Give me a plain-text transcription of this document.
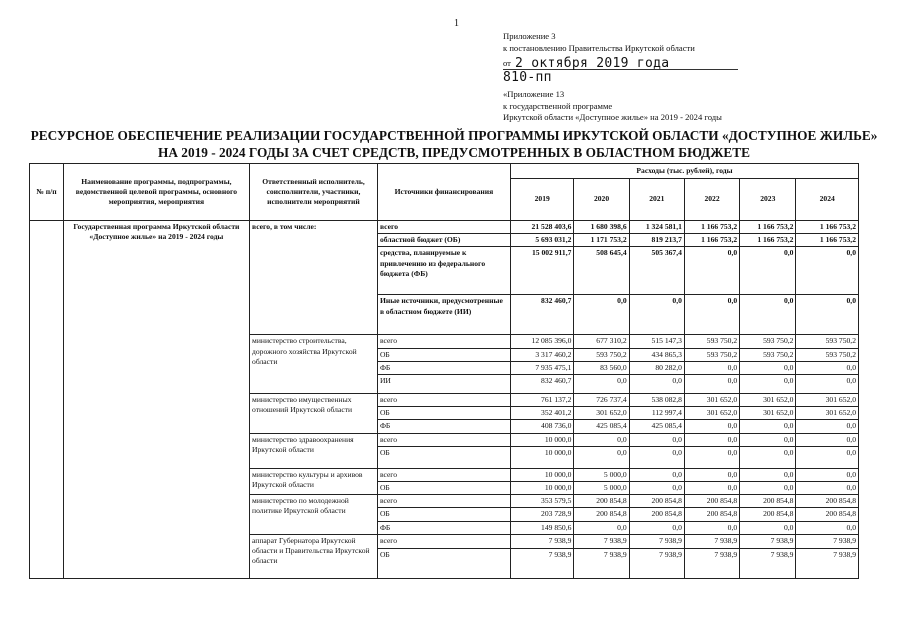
1
Приложение 3
к постановлению Правительства Иркутской области
от 2 октября 2019 года
810-пп
«Приложение 13
к государственной программе
Иркутской области «Доступное жилье» на 2019 - 2024 годы
РЕСУРСНОЕ ОБЕСПЕЧЕНИЕ РЕАЛИЗАЦИИ ГОСУДАРСТВЕННОЙ ПРОГРАММЫ ИРКУТСКОЙ ОБЛАСТИ «ДОСТУПНОЕ ЖИЛЬЕ» НА 2019 - 2024 ГОДЫ ЗА СЧЕТ СРЕДСТВ, ПРЕДУСМОТРЕННЫХ В ОБЛАСТНОМ БЮДЖЕТЕ
№ п/п	Наименование программы, подпрограммы, ведомственной целевой программы, основного мероприятия, мероприятия	Ответственный исполнитель, соисполнители, участники, исполнители мероприятий	Источники финансирования	Расходы (тыс. рублей), годы					
				2019	2020	2021	2022	2023	2024
	Государственная программа Иркутской области «Доступное жилье» на 2019 - 2024 годы	всего, в том числе:	всего	21 528 403,6	1 680 398,6	1 324 581,1	1 166 753,2	1 166 753,2	1 166 753,2
			областной бюджет (ОБ)	5 693 031,2	1 171 753,2	819 213,7	1 166 753,2	1 166 753,2	1 166 753,2
			средства, планируемые к привлечению из федерального бюджета (ФБ)	15 002 911,7	508 645,4	505 367,4	0,0	0,0	0,0
			Иные источники, предусмотренные в областном бюджете (ИИ)	832 460,7	0,0	0,0	0,0	0,0	0,0
		министерство строительства, дорожного хозяйства Иркутской области	всего	12 085 396,0	677 310,2	515 147,3	593 750,2	593 750,2	593 750,2
			ОБ	3 317 460,2	593 750,2	434 865,3	593 750,2	593 750,2	593 750,2
			ФБ	7 935 475,1	83 560,0	80 282,0	0,0	0,0	0,0
			ИИ	832 460,7	0,0	0,0	0,0	0,0	0,0
		министерство имущественных отношений Иркутской области	всего	761 137,2	726 737,4	538 082,8	301 652,0	301 652,0	301 652,0
			ОБ	352 401,2	301 652,0	112 997,4	301 652,0	301 652,0	301 652,0
			ФБ	408 736,0	425 085,4	425 085,4	0,0	0,0	0,0
		министерство здравоохранения Иркутской области	всего	10 000,0	0,0	0,0	0,0	0,0	0,0
			ОБ	10 000,0	0,0	0,0	0,0	0,0	0,0
		министерство культуры и архивов Иркутской области	всего	10 000,0	5 000,0	0,0	0,0	0,0	0,0
			ОБ	10 000,0	5 000,0	0,0	0,0	0,0	0,0
		министерство по молодежной политике Иркутской области	всего	353 579,5	200 854,8	200 854,8	200 854,8	200 854,8	200 854,8
			ОБ	203 728,9	200 854,8	200 854,8	200 854,8	200 854,8	200 854,8
			ФБ	149 850,6	0,0	0,0	0,0	0,0	0,0
		аппарат Губернатора Иркутской области и Правительства Иркутской области	всего	7 938,9	7 938,9	7 938,9	7 938,9	7 938,9	7 938,9
			ОБ	7 938,9	7 938,9	7 938,9	7 938,9	7 938,9	7 938,9
